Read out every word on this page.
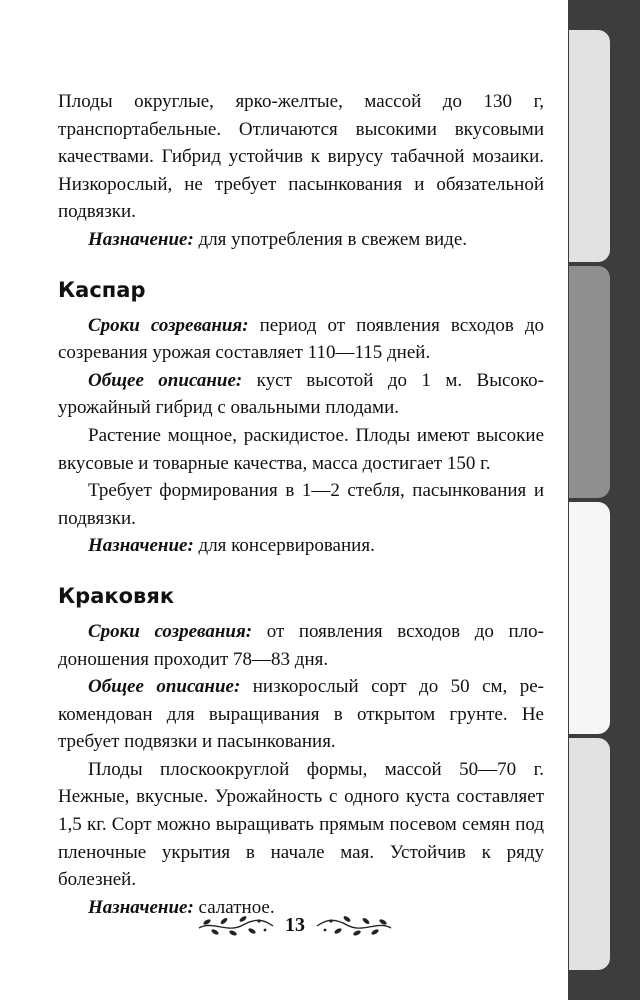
Плоды округлые, ярко-желтые, массой до 130 г, транспортабельные. Отличаются высокими вкусовыми качествами. Гибрид устойчив к вирусу табачной мозаики. Низкорослый, не требует пасынкования и обязательной подвязки.

Назначение: для употребления в свежем виде.

Каспар

Сроки созревания: период от появления всходов до созревания урожая составляет 110—115 дней.

Общее описание: куст высотой до 1 м. Высокоурожайный гибрид с овальными плодами.

Растение мощное, раскидистое. Плоды имеют высокие вкусовые и товарные качества, масса достигает 150 г.

Требует формирования в 1—2 стебля, пасынкования и подвязки.

Назначение: для консервирования.

Краковяк

Сроки созревания: от появления всходов до плодоношения проходит 78—83 дня.

Общее описание: низкорослый сорт до 50 см, рекомендован для выращивания в открытом грунте. Не требует подвязки и пасынкования.

Плоды плоскоокруглой формы, массой 50—70 г. Нежные, вкусные. Урожайность с одного куста составляет 1,5 кг. Сорт можно выращивать прямым посевом семян под пленочные укрытия в начале мая. Устойчив к ряду болезней.

Назначение: салатное.

13
